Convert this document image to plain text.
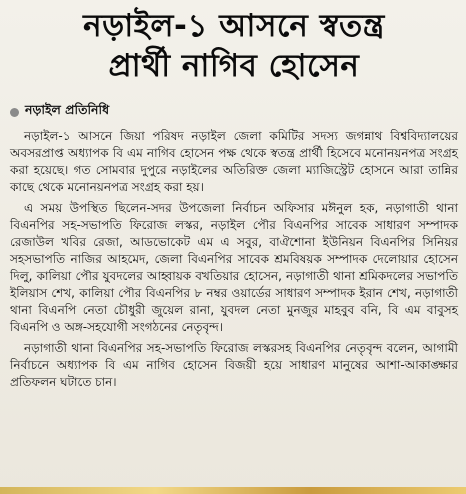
নড়াইল-১ আসনে স্বতন্ত্র
প্রার্থী নাগিব হোসেন
নড়াইল প্রতিনিধি

নড়াইল-১ আসনে জিয়া পরিষদ নড়াইল জেলা কমিটির সদস্য জগন্নাথ বিশ্ববিদ্যালয়ের অবসরপ্রাপ্ত অধ্যাপক বি এম নাগিব হোসেন পক্ষ থেকে স্বতন্ত্র প্রার্থী হিসেবে মনোনয়নপত্র সংগ্রহ করা হয়েছে। গত সোমবার দুপুরে নড়াইলের অতিরিক্ত জেলা ম্যাজিস্ট্রেট হোসনে আরা তান্নির কাছে থেকে মনোনয়নপত্র সংগ্রহ করা হয়।

এ সময় উপস্থিত ছিলেন-সদর উপজেলা নির্বাচন অফিসার মঈনুল হক, নড়াগাতী থানা বিএনপির সহ-সভাপতি ফিরোজ লস্কর, নড়াইল পৌর বিএনপির সাবেক সাধারণ সম্পাদক রেজাউল খবির রেজা, আডভোকেট এম এ সবুর, বাঐশোনা ইউনিয়ন বিএনপির সিনিয়র সহসভাপতি নাজির আহমেদ, জেলা বিএনপির সাবেক শ্রমবিষয়ক সম্পাদক দেলোয়ার হোসেন দিলু, কালিয়া পৌর যুবদলের আহ্বায়ক বখতিয়ার হোসেন, নড়াগাতী থানা শ্রমিকদলের সভাপতি ইলিয়াস শেখ, কালিয়া পৌর বিএনপির ৮ নম্বর ওয়ার্ডের সাধারণ সম্পাদক ইরান শেখ, নড়াগাতী থানা বিএনপি নেতা চৌধুরী জুয়েল রানা, যুবদল নেতা মুনজুর মাহবুব বনি, বি এম বাবুসহ বিএনপি ও অঙ্গ-সহযোগী সংগঠনের নেতৃবৃন্দ।

নড়াগাতী থানা বিএনপির সহ-সভাপতি ফিরোজ লস্করসহ বিএনপির নেতৃবৃন্দ বলেন, আগামী নির্বাচনে অধ্যাপক বি এম নাগিব হোসেন বিজয়ী হয়ে সাধারণ মানুষের আশা-আকাঙ্ক্ষার প্রতিফলন ঘটাতে চান।
